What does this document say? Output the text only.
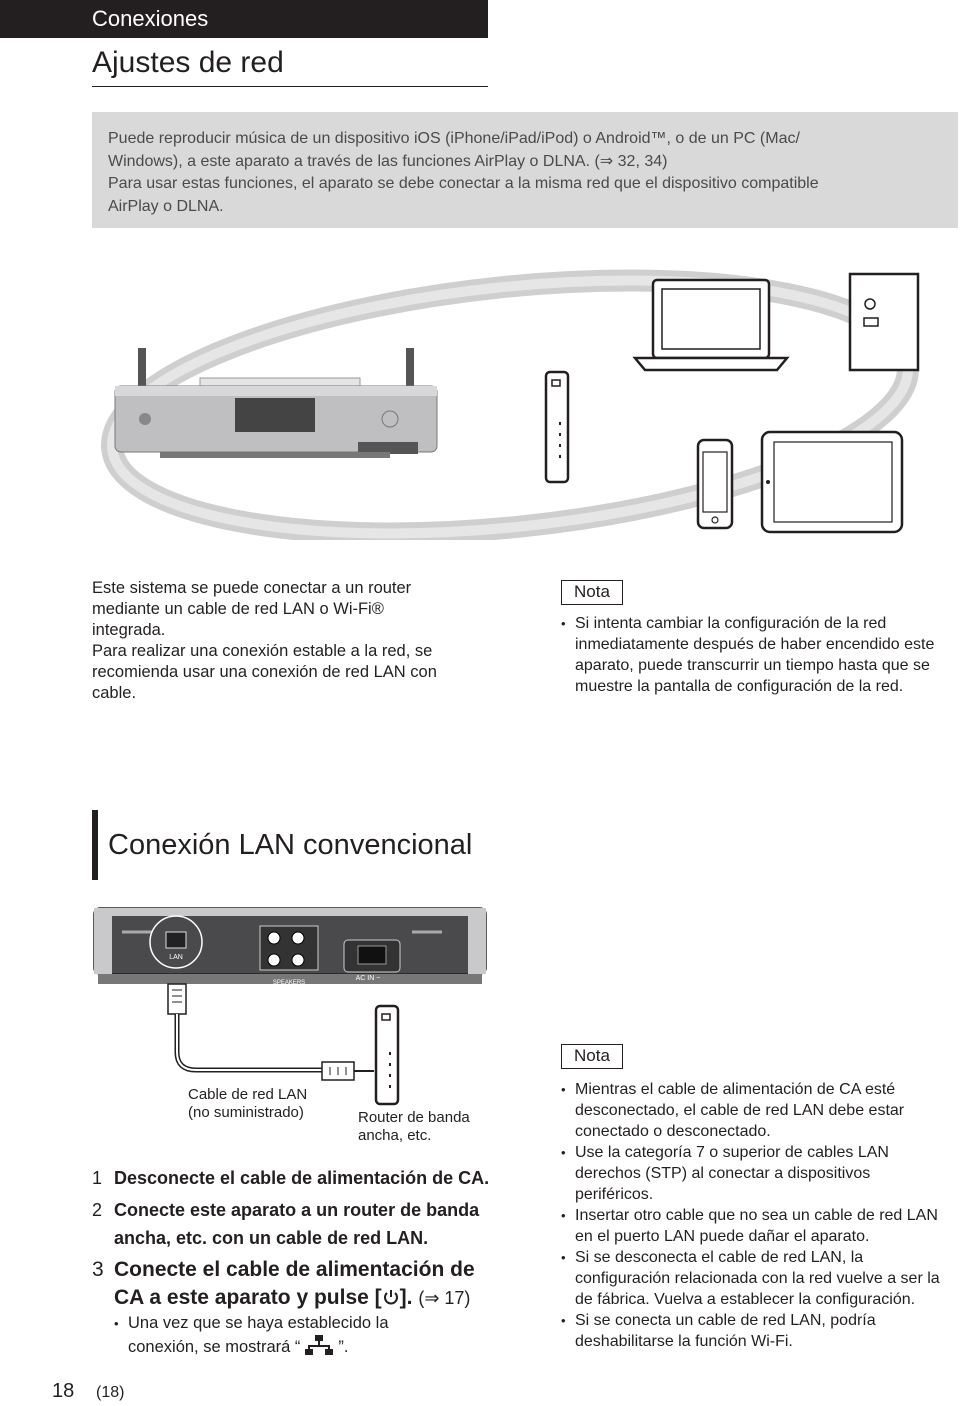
Conexiones
Ajustes de red
Puede reproducir música de un dispositivo iOS (iPhone/iPad/iPod) o Android™, o de un PC (Mac/
Windows), a este aparato a través de las funciones AirPlay o DLNA. (⇒ 32, 34)
Para usar estas funciones, el aparato se debe conectar a la misma red que el dispositivo compatible
AirPlay o DLNA.
Este sistema se puede conectar a un router
mediante un cable de red LAN o Wi-Fi®
integrada.
Para realizar una conexión estable a la red, se
recomienda usar una conexión de red LAN con
cable.
Nota
• Si intenta cambiar la configuración de la red inmediatamente después de haber encendido este aparato, puede transcurrir un tiempo hasta que se muestre la pantalla de configuración de la red.
Conexión LAN convencional
LAN
SPEAKERS
(4 – 16Ω)
AC IN ~
Cable de red LAN
(no suministrado)	Router de banda
ancha, etc.
1 Desconecte el cable de alimentación de CA.
2 Conecte este aparato a un router de banda ancha, etc. con un cable de red LAN.
3 Conecte el cable de alimentación de
CA a este aparato y pulse [ ]. (⇒ 17)
• Una vez que se haya establecido la
conexión, se mostrará “ ”.
Nota
• Mientras el cable de alimentación de CA esté desconectado, el cable de red LAN debe estar conectado o desconectado.
• Use la categoría 7 o superior de cables LAN derechos (STP) al conectar a dispositivos periféricos.
• Insertar otro cable que no sea un cable de red LAN en el puerto LAN puede dañar el aparato.
• Si se desconecta el cable de red LAN, la configuración relacionada con la red vuelve a ser la de fábrica. Vuelva a establecer la configuración.
• Si se conecta un cable de red LAN, podría deshabilitarse la función Wi-Fi.
18 (18)
